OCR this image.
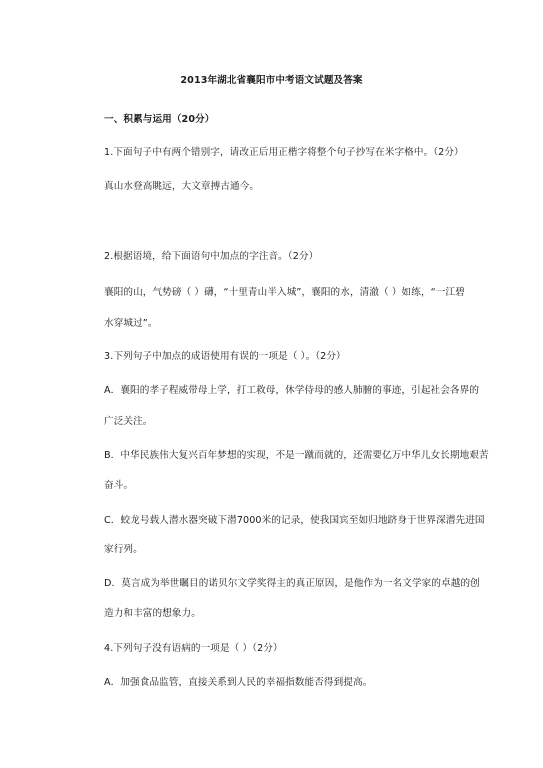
2013年湖北省襄阳市中考语文试题及答案
一、积累与运用（20分）
1.下面句子中有两个错别字，请改正后用正楷字将整个句子抄写在米字格中。（2分）
真山水登高眺远，大文章搏古通今。
2.根据语境，给下面语句中加点的字注音。（2分）
襄阳的山，气势磅（ ）礴，“十里青山半入城”，襄阳的水，清澈（ ）如练，“一江碧
水穿城过”。
3.下列句子中加点的成语使用有误的一项是（ ）。（2分）
A．襄阳的孝子程威带母上学，打工救母，休学侍母的感人肺腑的事迹，引起社会各界的
广泛关注。
B．中华民族伟大复兴百年梦想的实现，不是一蹴而就的，还需要亿万中华儿女长期地艰苦
奋斗。
C．蛟龙号载人潜水器突破下潜7000米的记录，使我国宾至如归地跻身于世界深潜先进国
家行列。
D．莫言成为举世瞩目的诺贝尔文学奖得主的真正原因，是他作为一名文学家的卓越的创
造力和丰富的想象力。
4.下列句子没有语病的一项是（ ）（2分）
A．加强食品监管，直接关系到人民的幸福指数能否得到提高。
